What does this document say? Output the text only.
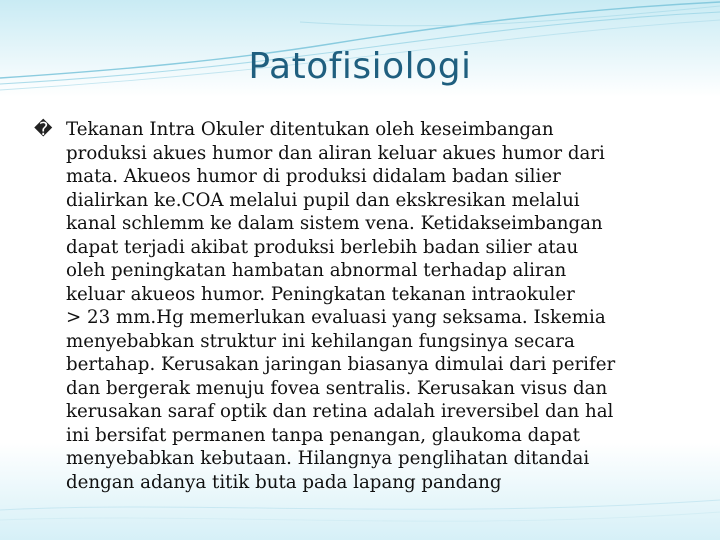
Patofisiologi
� Tekanan Intra Okuler ditentukan oleh keseimbangan
produksi akues humor dan aliran keluar akues humor dari
mata. Akueos humor di produksi didalam badan silier
dialirkan ke.COA melalui pupil dan ekskresikan melalui
kanal schlemm ke dalam sistem vena. Ketidakseimbangan
dapat terjadi akibat produksi berlebih badan silier atau
oleh peningkatan hambatan abnormal terhadap aliran
keluar akueos humor. Peningkatan tekanan intraokuler
> 23 mm.Hg memerlukan evaluasi yang seksama. Iskemia
menyebabkan struktur ini kehilangan fungsinya secara
bertahap. Kerusakan jaringan biasanya dimulai dari perifer
dan bergerak menuju fovea sentralis. Kerusakan visus dan
kerusakan saraf optik dan retina adalah ireversibel dan hal
ini bersifat permanen tanpa penangan, glaukoma dapat
menyebabkan kebutaan. Hilangnya penglihatan ditandai
dengan adanya titik buta pada lapang pandang
